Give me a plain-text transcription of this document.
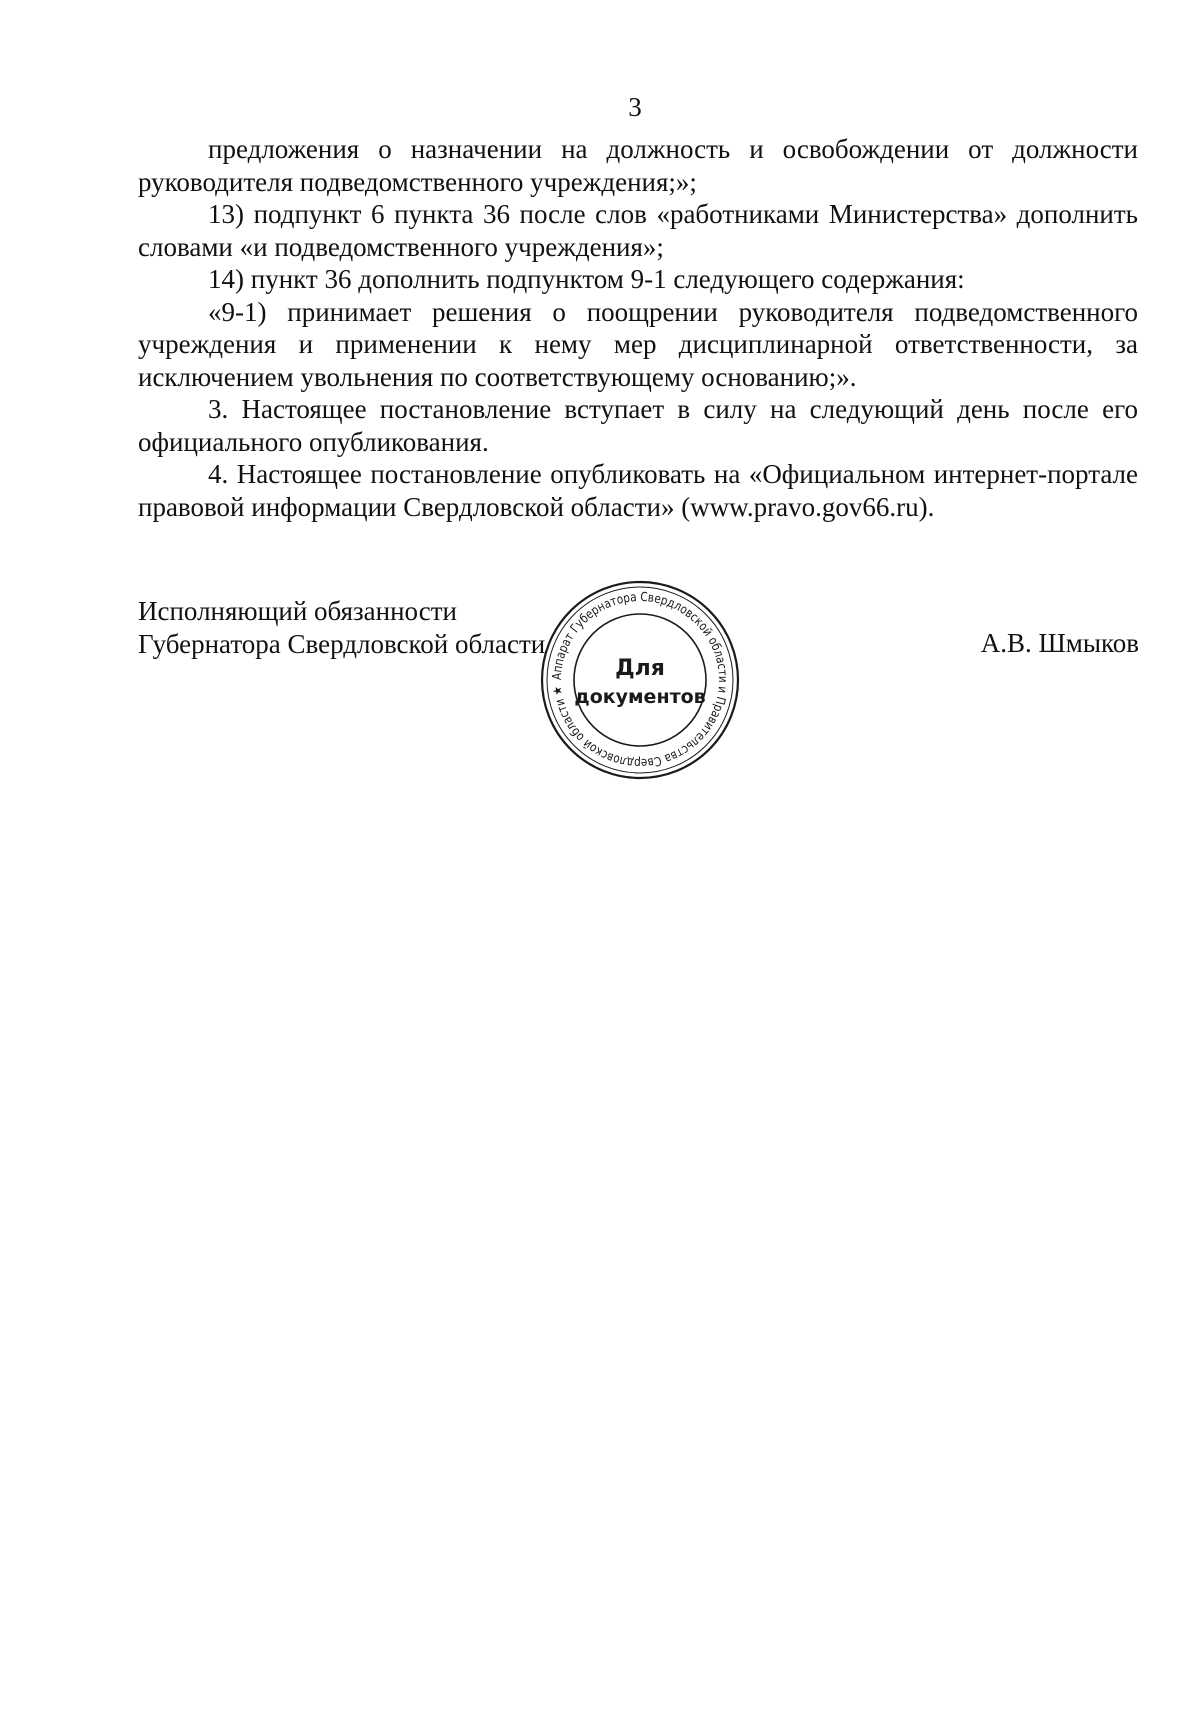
3

предложения о назначении на должность и освобождении от должности руководителя подведомственного учреждения;»;

13) подпункт 6 пункта 36 после слов «работниками Министерства» дополнить словами «и подведомственного учреждения»;

14) пункт 36 дополнить подпунктом 9-1 следующего содержания:

«9-1) принимает решения о поощрении руководителя подведомственного учреждения и применении к нему мер дисциплинарной ответственности, за исключением увольнения по соответствующему основанию;».

3. Настоящее постановление вступает в силу на следующий день после его официального опубликования.

4. Настоящее постановление опубликовать на «Официальном интернет-портале правовой информации Свердловской области» (www.pravo.gov66.ru).

Исполняющий обязанности
Губернатора Свердловской области	А.В. Шмыков
Аппарат Губернатора Свердловской области и Правительства Свердловской области ★
Для
документов
